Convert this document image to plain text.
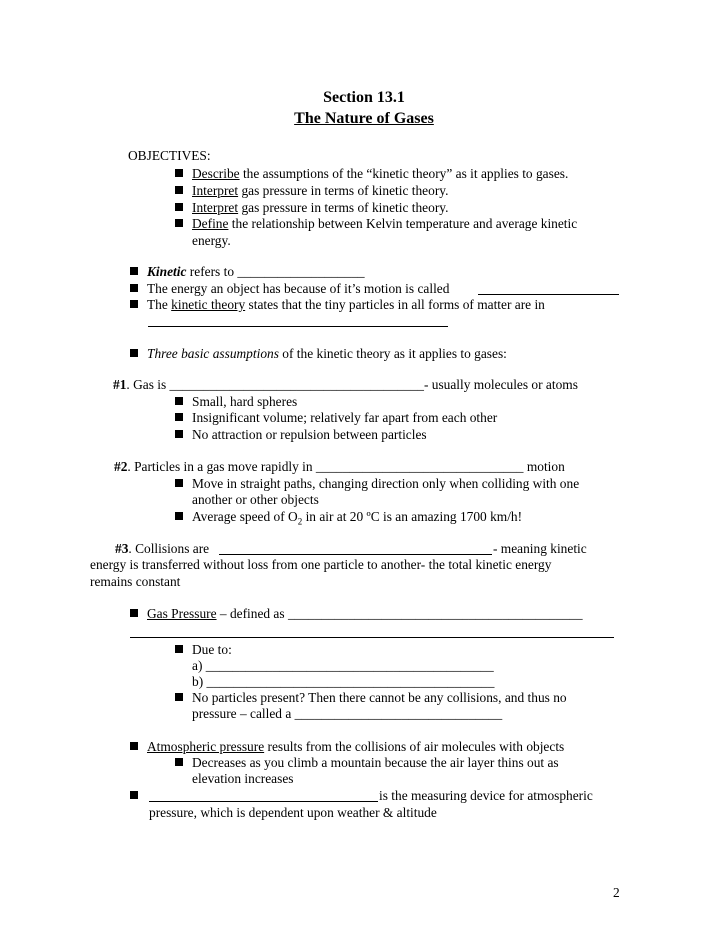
Section 13.1
The Nature of Gases
OBJECTIVES:
Describe the assumptions of the “kinetic theory” as it applies to gases.
Interpret gas pressure in terms of kinetic theory.
Interpret gas pressure in terms of kinetic theory.
Define the relationship between Kelvin temperature and average kinetic
energy.
Kinetic refers to ___________________
The energy an object has because of it’s motion is called
The kinetic theory states that the tiny particles in all forms of matter are in
Three basic assumptions of the kinetic theory as it applies to gases:
#1. Gas is ______________________________________- usually molecules or atoms
Small, hard spheres
Insignificant volume; relatively far apart from each other
No attraction or repulsion between particles
#2. Particles in a gas move rapidly in _______________________________ motion
Move in straight paths, changing direction only when colliding with one
another or other objects
Average speed of $O_2$ in air at 20 ºC is an amazing 1700 km/h!
#3. Collisions are	- meaning kinetic
energy is transferred without loss from one particle to another- the total kinetic energy
remains constant
Gas Pressure – defined as ____________________________________________
Due to:
a) ___________________________________________
b) ___________________________________________
No particles present? Then there cannot be any collisions, and thus no
pressure – called a _______________________________
Atmospheric pressure results from the collisions of air molecules with objects
Decreases as you climb a mountain because the air layer thins out as
elevation increases
is the measuring device for atmospheric
pressure, which is dependent upon weather & altitude
2
